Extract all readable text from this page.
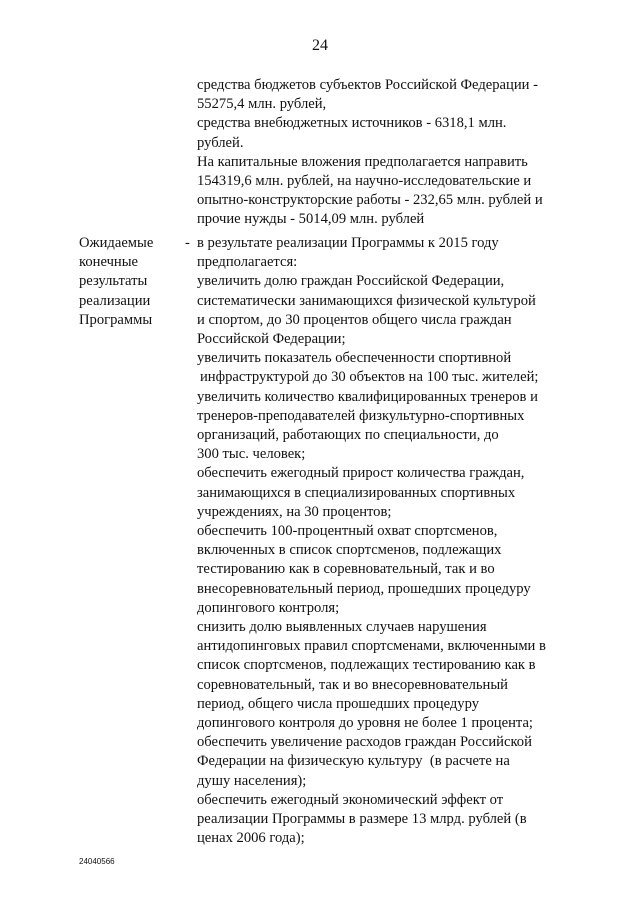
24
средства бюджетов субъектов Российской Федерации -
55275,4 млн. рублей,
средства внебюджетных источников - 6318,1 млн.
рублей.
На капитальные вложения предполагается направить
154319,6 млн. рублей, на научно-исследовательские и
опытно-конструкторские работы - 232,65 млн. рублей и
прочие нужды - 5014,09 млн. рублей
Ожидаемые
конечные
результаты
реализации
Программы
- в результате реализации Программы к 2015 году
предполагается:
увеличить долю граждан Российской Федерации,
систематически занимающихся физической культурой
и спортом, до 30 процентов общего числа граждан
Российской Федерации;
увеличить показатель обеспеченности спортивной
инфраструктурой до 30 объектов на 100 тыс. жителей;
увеличить количество квалифицированных тренеров и
тренеров-преподавателей физкультурно-спортивных
организаций, работающих по специальности, до
300 тыс. человек;
обеспечить ежегодный прирост количества граждан,
занимающихся в специализированных спортивных
учреждениях, на 30 процентов;
обеспечить 100-процентный охват спортсменов,
включенных в список спортсменов, подлежащих
тестированию как в соревновательный, так и во
внесоревновательный период, прошедших процедуру
допингового контроля;
снизить долю выявленных случаев нарушения
антидопинговых правил спортсменами, включенными в
список спортсменов, подлежащих тестированию как в
соревновательный, так и во внесоревновательный
период, общего числа прошедших процедуру
допингового контроля до уровня не более 1 процента;
обеспечить увеличение расходов граждан Российской
Федерации на физическую культуру  (в расчете на
душу населения);
обеспечить ежегодный экономический эффект от
реализации Программы в размере 13 млрд. рублей (в
ценах 2006 года);
24040566
